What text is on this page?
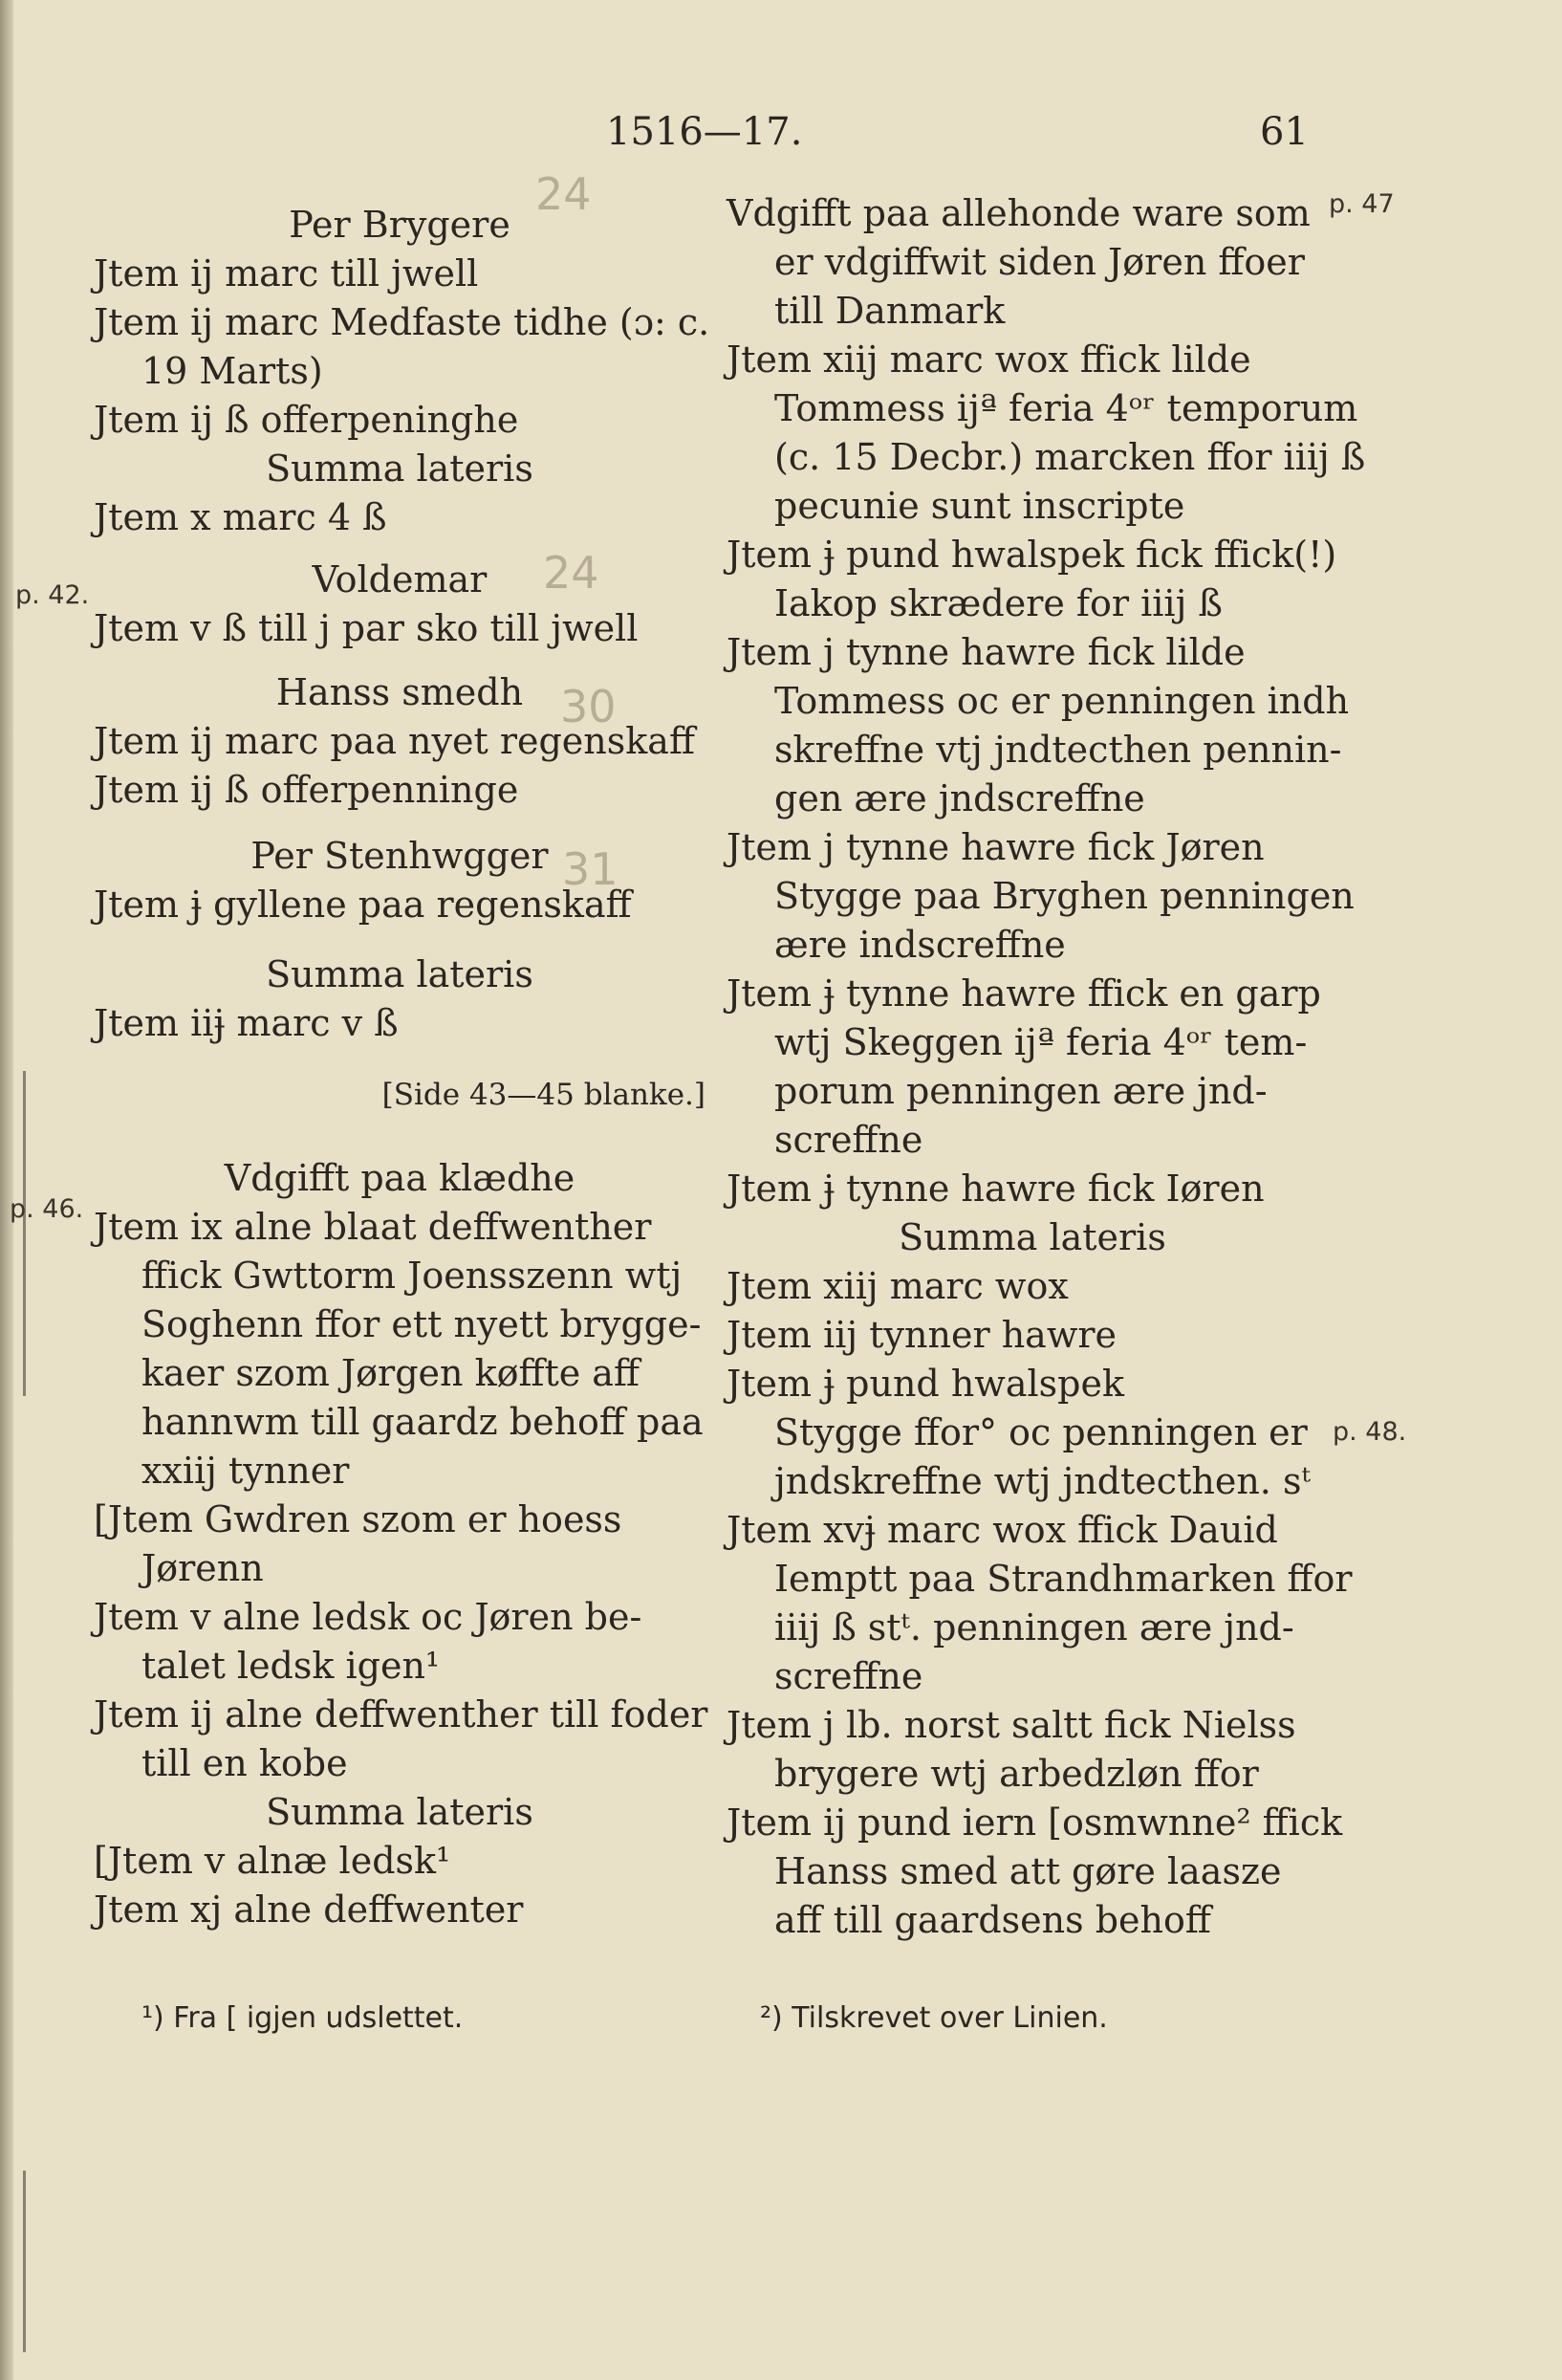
1516—17.	61
p. 42.
p. 46.
p. 47
p. 48.
24
24
30
31
Per Brygere
Jtem ij marc till jwell
Jtem ij marc Medfaste tidhe (ɔ: c.
19 Marts)
Jtem ij ß offerpeninghe
Summa lateris
Jtem x marc 4 ß
Voldemar
Jtem v ß till j par sko till jwell
Hanss smedh
Jtem ij marc paa nyet regenskaff
Jtem ij ß offerpenninge
Per Stenhwgger
Jtem ɉ gyllene paa regenskaff
Summa lateris
Jtem iiɉ marc v ß
[Side 43—45 blanke.]
Vdgifft paa klædhe
Jtem ix alne blaat deffwenther
ffick Gwttorm Joensszenn wtj
Soghenn ffor ett nyett brygge-
kaer szom Jørgen køffte aff
hannwm till gaardz behoff paa
xxiij tynner
[Jtem Gwdren szom er hoess
Jørenn
Jtem v alne ledsk oc Jøren be-
talet ledsk igen¹
Jtem ij alne deffwenther till foder
till en kobe
Summa lateris
[Jtem v alnæ ledsk¹
Jtem xj alne deffwenter
Vdgifft paa allehonde ware som
er vdgiffwit siden Jøren ffoer
till Danmark
Jtem xiij marc wox ffick lilde
Tommess ijª feria 4ᵒʳ temporum
(c. 15 Decbr.) marcken ffor iiij ß
pecunie sunt inscripte
Jtem ɉ pund hwalspek fick ffick(!)
Iakop skrædere for iiij ß
Jtem j tynne hawre fick lilde
Tommess oc er penningen indh
skreffne vtj jndtecthen pennin-
gen ære jndscreffne
Jtem j tynne hawre fick Jøren
Stygge paa Bryghen penningen
ære indscreffne
Jtem ɉ tynne hawre ffick en garp
wtj Skeggen ijª feria 4ᵒʳ tem-
porum penningen ære jnd-
screffne
Jtem ɉ tynne hawre fick Iøren
Summa lateris
Jtem xiij marc wox
Jtem iij tynner hawre
Jtem ɉ pund hwalspek
Stygge ffor° oc penningen er
jndskreffne wtj jndtecthen. sᵗ
Jtem xvɉ marc wox ffick Dauid
Iemptt paa Strandhmarken ffor
iiij ß stᵗ. penningen ære jnd-
screffne
Jtem j lb. norst saltt fick Nielss
brygere wtj arbedzløn ffor
Jtem ij pund iern [osmwnne² ffick
Hanss smed att gøre laasze
aff till gaardsens behoff
¹) Fra [ igjen udslettet.	²) Tilskrevet over Linien.
